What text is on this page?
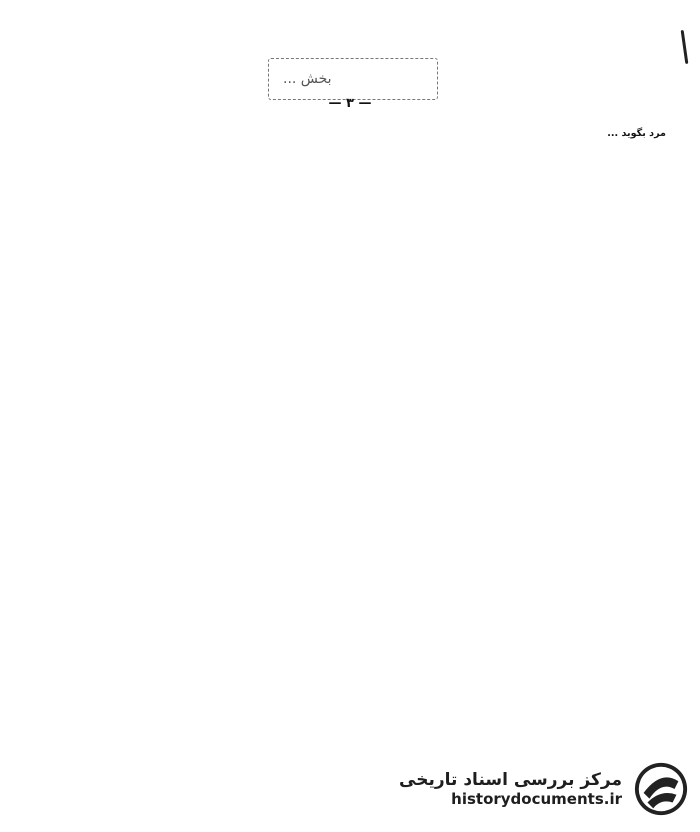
بخش ...
— ۳ —
مرد بگوید ...
مرکز بررسی اسناد تاریخی
historydocuments.ir
